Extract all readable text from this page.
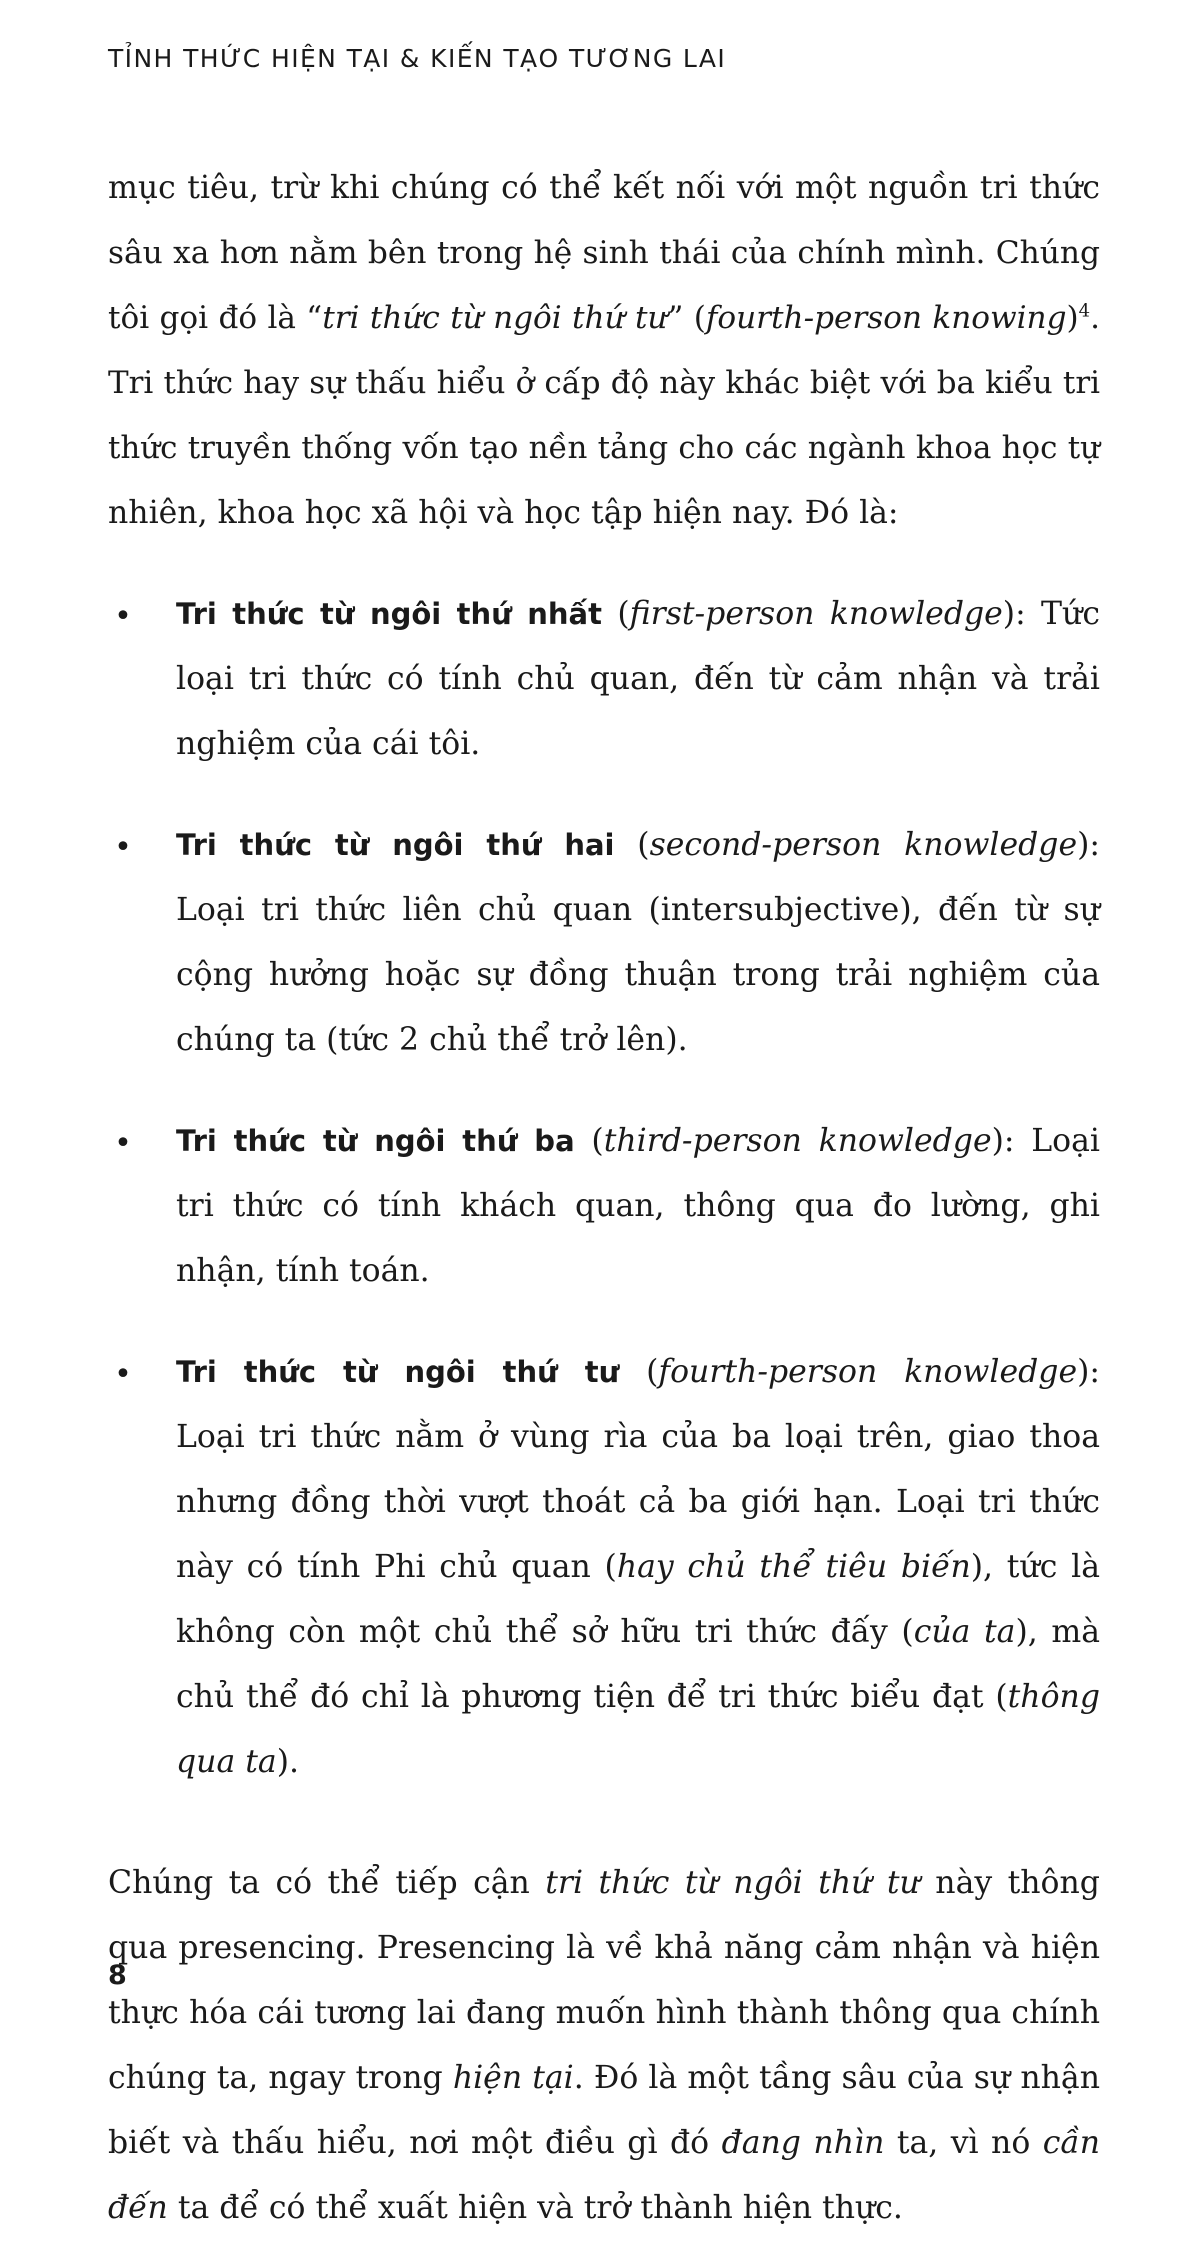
TỈNH THỨC HIỆN TẠI & KIẾN TẠO TƯƠNG LAI
mục tiêu, trừ khi chúng có thể kết nối với một nguồn tri thức
sâu xa hơn nằm bên trong hệ sinh thái của chính mình. Chúng
tôi gọi đó là “tri thức từ ngôi thứ tư” (fourth-person knowing)$^4$.
Tri thức hay sự thấu hiểu ở cấp độ này khác biệt với ba kiểu tri
thức truyền thống vốn tạo nền tảng cho các ngành khoa học tự
nhiên, khoa học xã hội và học tập hiện nay. Đó là:
• Tri thức từ ngôi thứ nhất (first-person knowledge): Tức
loại tri thức có tính chủ quan, đến từ cảm nhận và trải
nghiệm của cái tôi.
• Tri thức từ ngôi thứ hai (second-person knowledge):
Loại tri thức liên chủ quan (intersubjective), đến từ sự
cộng hưởng hoặc sự đồng thuận trong trải nghiệm của
chúng ta (tức 2 chủ thể trở lên).
• Tri thức từ ngôi thứ ba (third-person knowledge): Loại
tri thức có tính khách quan, thông qua đo lường, ghi
nhận, tính toán.
• Tri thức từ ngôi thứ tư (fourth-person knowledge):
Loại tri thức nằm ở vùng rìa của ba loại trên, giao thoa
nhưng đồng thời vượt thoát cả ba giới hạn. Loại tri thức
này có tính Phi chủ quan (hay chủ thể tiêu biến), tức là
không còn một chủ thể sở hữu tri thức đấy (của ta), mà
chủ thể đó chỉ là phương tiện để tri thức biểu đạt (thông
qua ta).
Chúng ta có thể tiếp cận tri thức từ ngôi thứ tư này thông
qua presencing. Presencing là về khả năng cảm nhận và hiện
thực hóa cái tương lai đang muốn hình thành thông qua chính
chúng ta, ngay trong hiện tại. Đó là một tầng sâu của sự nhận
biết và thấu hiểu, nơi một điều gì đó đang nhìn ta, vì nó cần
đến ta để có thể xuất hiện và trở thành hiện thực.
8
